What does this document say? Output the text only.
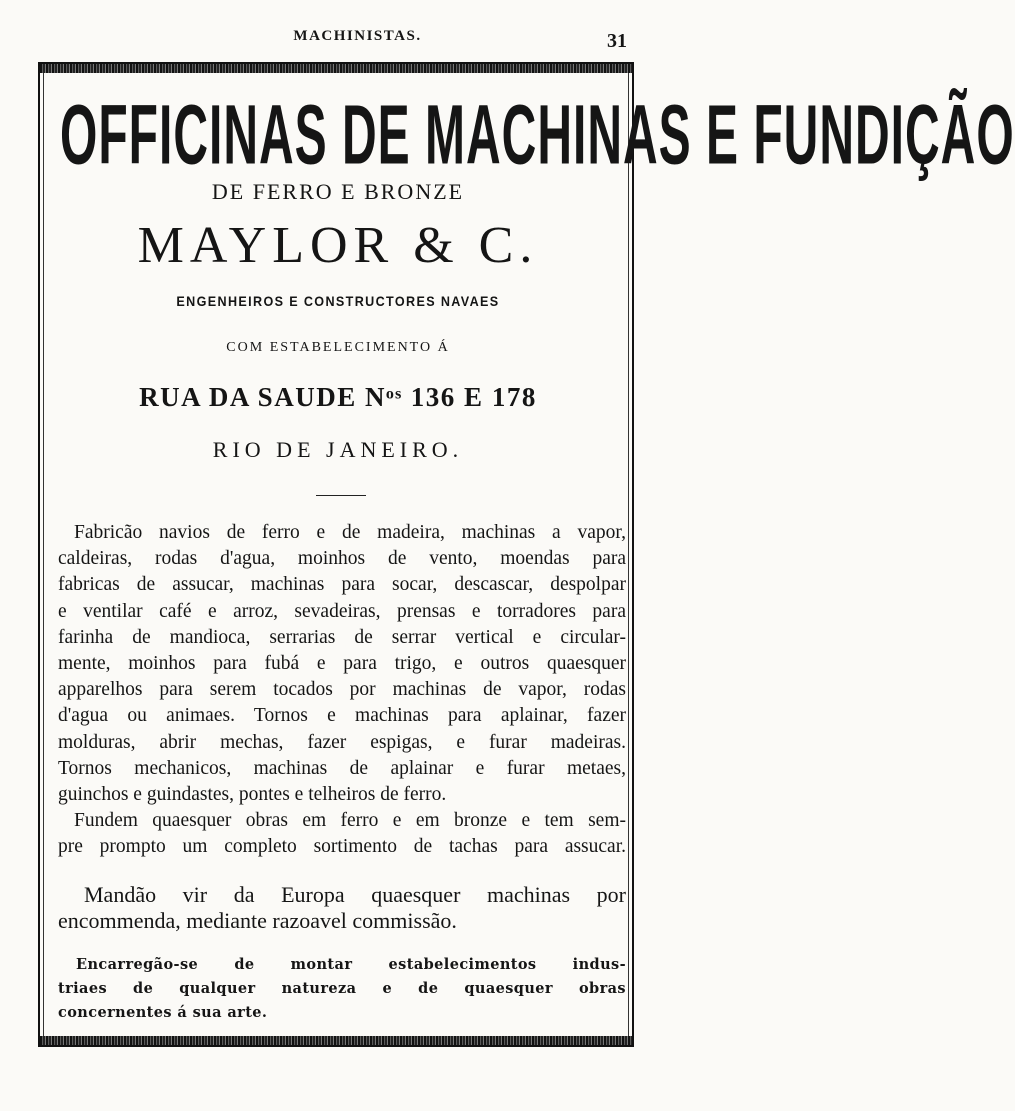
MACHINISTAS.	31
OFFICINAS DE MACHINAS E FUNDIÇÃO
DE FERRO E BRONZE
MAYLOR & C.
ENGENHEIROS E CONSTRUCTORES NAVAES
COM ESTABELECIMENTO Á
RUA DA SAUDE Nᵒˢ 136 E 178
RIO DE JANEIRO.

Fabricão navios de ferro e de madeira, machinas a vapor,
caldeiras, rodas d'agua, moinhos de vento, moendas para
fabricas de assucar, machinas para socar, descascar, despolpar
e ventilar café e arroz, sevadeiras, prensas e torradores para
farinha de mandioca, serrarias de serrar vertical e circular-
mente, moinhos para fubá e para trigo, e outros quaesquer
apparelhos para serem tocados por machinas de vapor, rodas
d'agua ou animaes. Tornos e machinas para aplainar, fazer
molduras, abrir mechas, fazer espigas, e furar madeiras.
Tornos mechanicos, machinas de aplainar e furar metaes,
guinchos e guindastes, pontes e telheiros de ferro.

Fundem quaesquer obras em ferro e em bronze e tem sem-
pre prompto um completo sortimento de tachas para assucar.

Mandão vir da Europa quaesquer machinas por
encommenda, mediante razoavel commissão.
Encarregão-se de montar estabelecimentos indus-
triaes de qualquer natureza e de quaesquer obras
concernentes á sua arte.
